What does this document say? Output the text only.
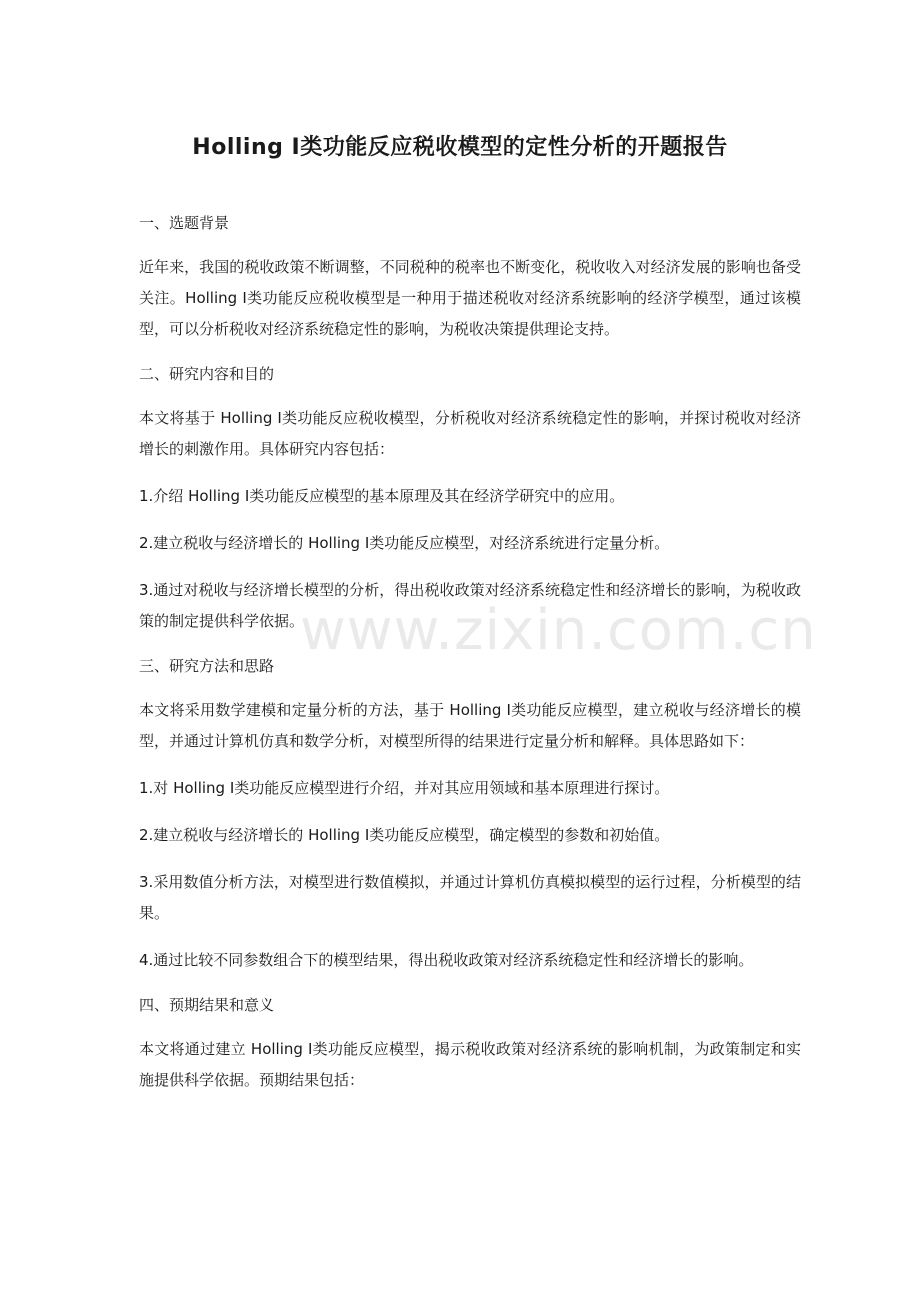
Holling Ⅰ类功能反应税收模型的定性分析的开题报告
一、选题背景

近年来，我国的税收政策不断调整，不同税种的税率也不断变化，税收收入对经济发展的影响也备受关注。Holling Ⅰ类功能反应税收模型是一种用于描述税收对经济系统影响的经济学模型，通过该模型，可以分析税收对经济系统稳定性的影响，为税收决策提供理论支持。

二、研究内容和目的

本文将基于 Holling Ⅰ类功能反应税收模型，分析税收对经济系统稳定性的影响，并探讨税收对经济增长的刺激作用。具体研究内容包括：

1.介绍 Holling Ⅰ类功能反应模型的基本原理及其在经济学研究中的应用。

2.建立税收与经济增长的 Holling Ⅰ类功能反应模型，对经济系统进行定量分析。

3.通过对税收与经济增长模型的分析，得出税收政策对经济系统稳定性和经济增长的影响，为税收政策的制定提供科学依据。

三、研究方法和思路

本文将采用数学建模和定量分析的方法，基于 Holling Ⅰ类功能反应模型，建立税收与经济增长的模型，并通过计算机仿真和数学分析，对模型所得的结果进行定量分析和解释。具体思路如下：

1.对 Holling Ⅰ类功能反应模型进行介绍，并对其应用领域和基本原理进行探讨。

2.建立税收与经济增长的 Holling Ⅰ类功能反应模型，确定模型的参数和初始值。

3.采用数值分析方法，对模型进行数值模拟，并通过计算机仿真模拟模型的运行过程，分析模型的结果。

4.通过比较不同参数组合下的模型结果，得出税收政策对经济系统稳定性和经济增长的影响。

四、预期结果和意义

本文将通过建立 Holling Ⅰ类功能反应模型，揭示税收政策对经济系统的影响机制，为政策制定和实施提供科学依据。预期结果包括：

www.zixin.com.cn
